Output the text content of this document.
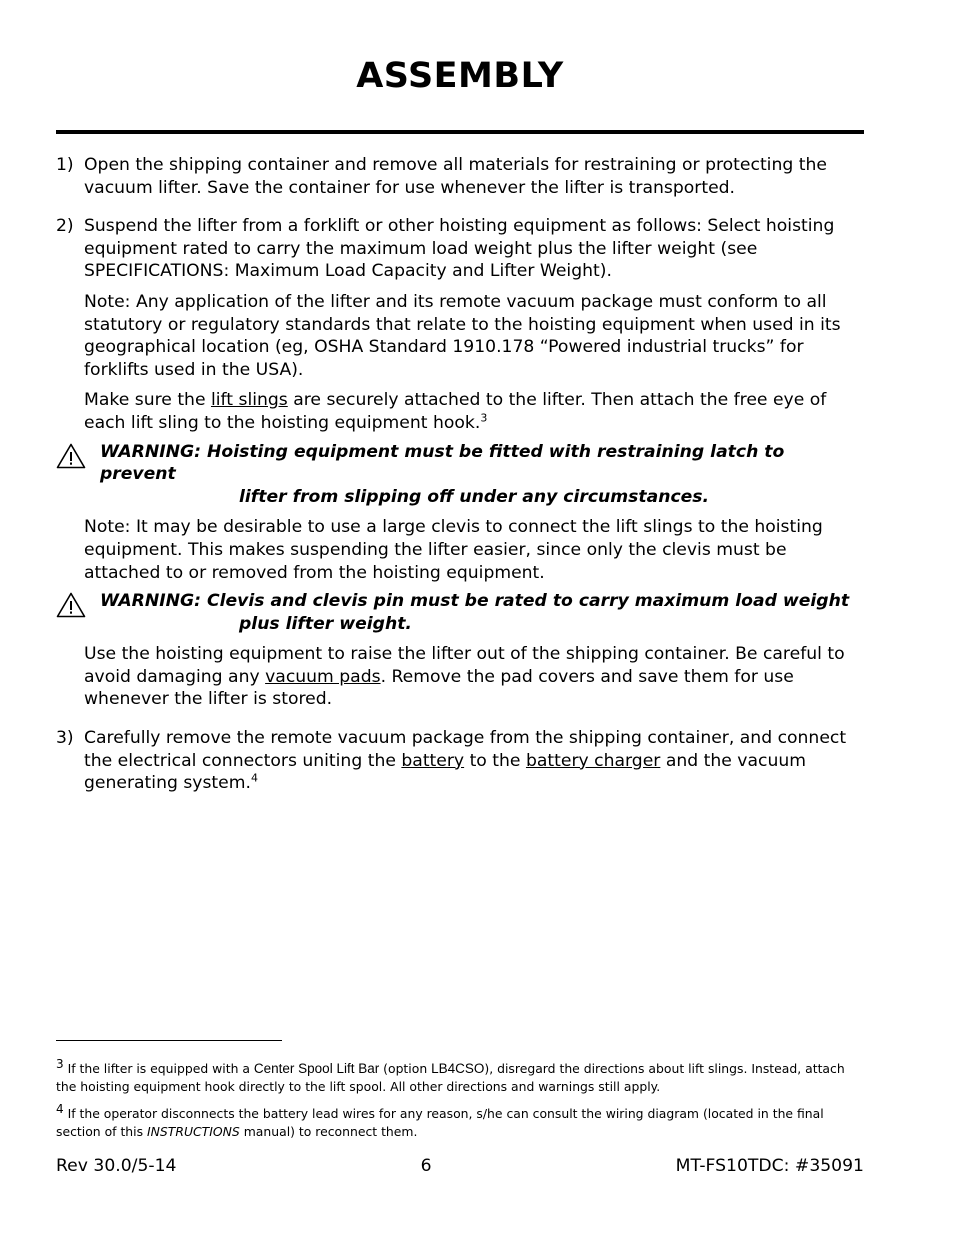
ASSEMBLY
1) Open the shipping container and remove all materials for restraining or protecting the vacuum lifter. Save the container for use whenever the lifter is transported.

2) Suspend the lifter from a forklift or other hoisting equipment as follows: Select hoisting equipment rated to carry the maximum load weight plus the lifter weight (see SPECIFICATIONS: Maximum Load Capacity and Lifter Weight).

Note: Any application of the lifter and its remote vacuum package must conform to all statutory or regulatory standards that relate to the hoisting equipment when used in its geographical location (eg, OSHA Standard 1910.178 “Powered industrial trucks” for forklifts used in the USA).

Make sure the lift slings are securely attached to the lifter. Then attach the free eye of each lift sling to the hoisting equipment hook.$^3$

WARNING: Hoisting equipment must be fitted with restraining latch to prevent
lifter from slipping off under any circumstances.

Note: It may be desirable to use a large clevis to connect the lift slings to the hoisting equipment. This makes suspending the lifter easier, since only the clevis must be attached to or removed from the hoisting equipment.

WARNING: Clevis and clevis pin must be rated to carry maximum load weight
plus lifter weight.

Use the hoisting equipment to raise the lifter out of the shipping container. Be careful to avoid damaging any vacuum pads. Remove the pad covers and save them for use whenever the lifter is stored.

3) Carefully remove the remote vacuum package from the shipping container, and connect the electrical connectors uniting the battery to the battery charger and the vacuum generating system.$^4$

$^3$ If the lifter is equipped with a Center Spool Lift Bar (option LB4CSO), disregard the directions about lift slings. Instead, attach the hoisting equipment hook directly to the lift spool. All other directions and warnings still apply.

$^4$ If the operator disconnects the battery lead wires for any reason, s/he can consult the wiring diagram (located in the final section of this INSTRUCTIONS manual) to reconnect them.

Rev 30.0/5-14	6	MT-FS10TDC: #35091
